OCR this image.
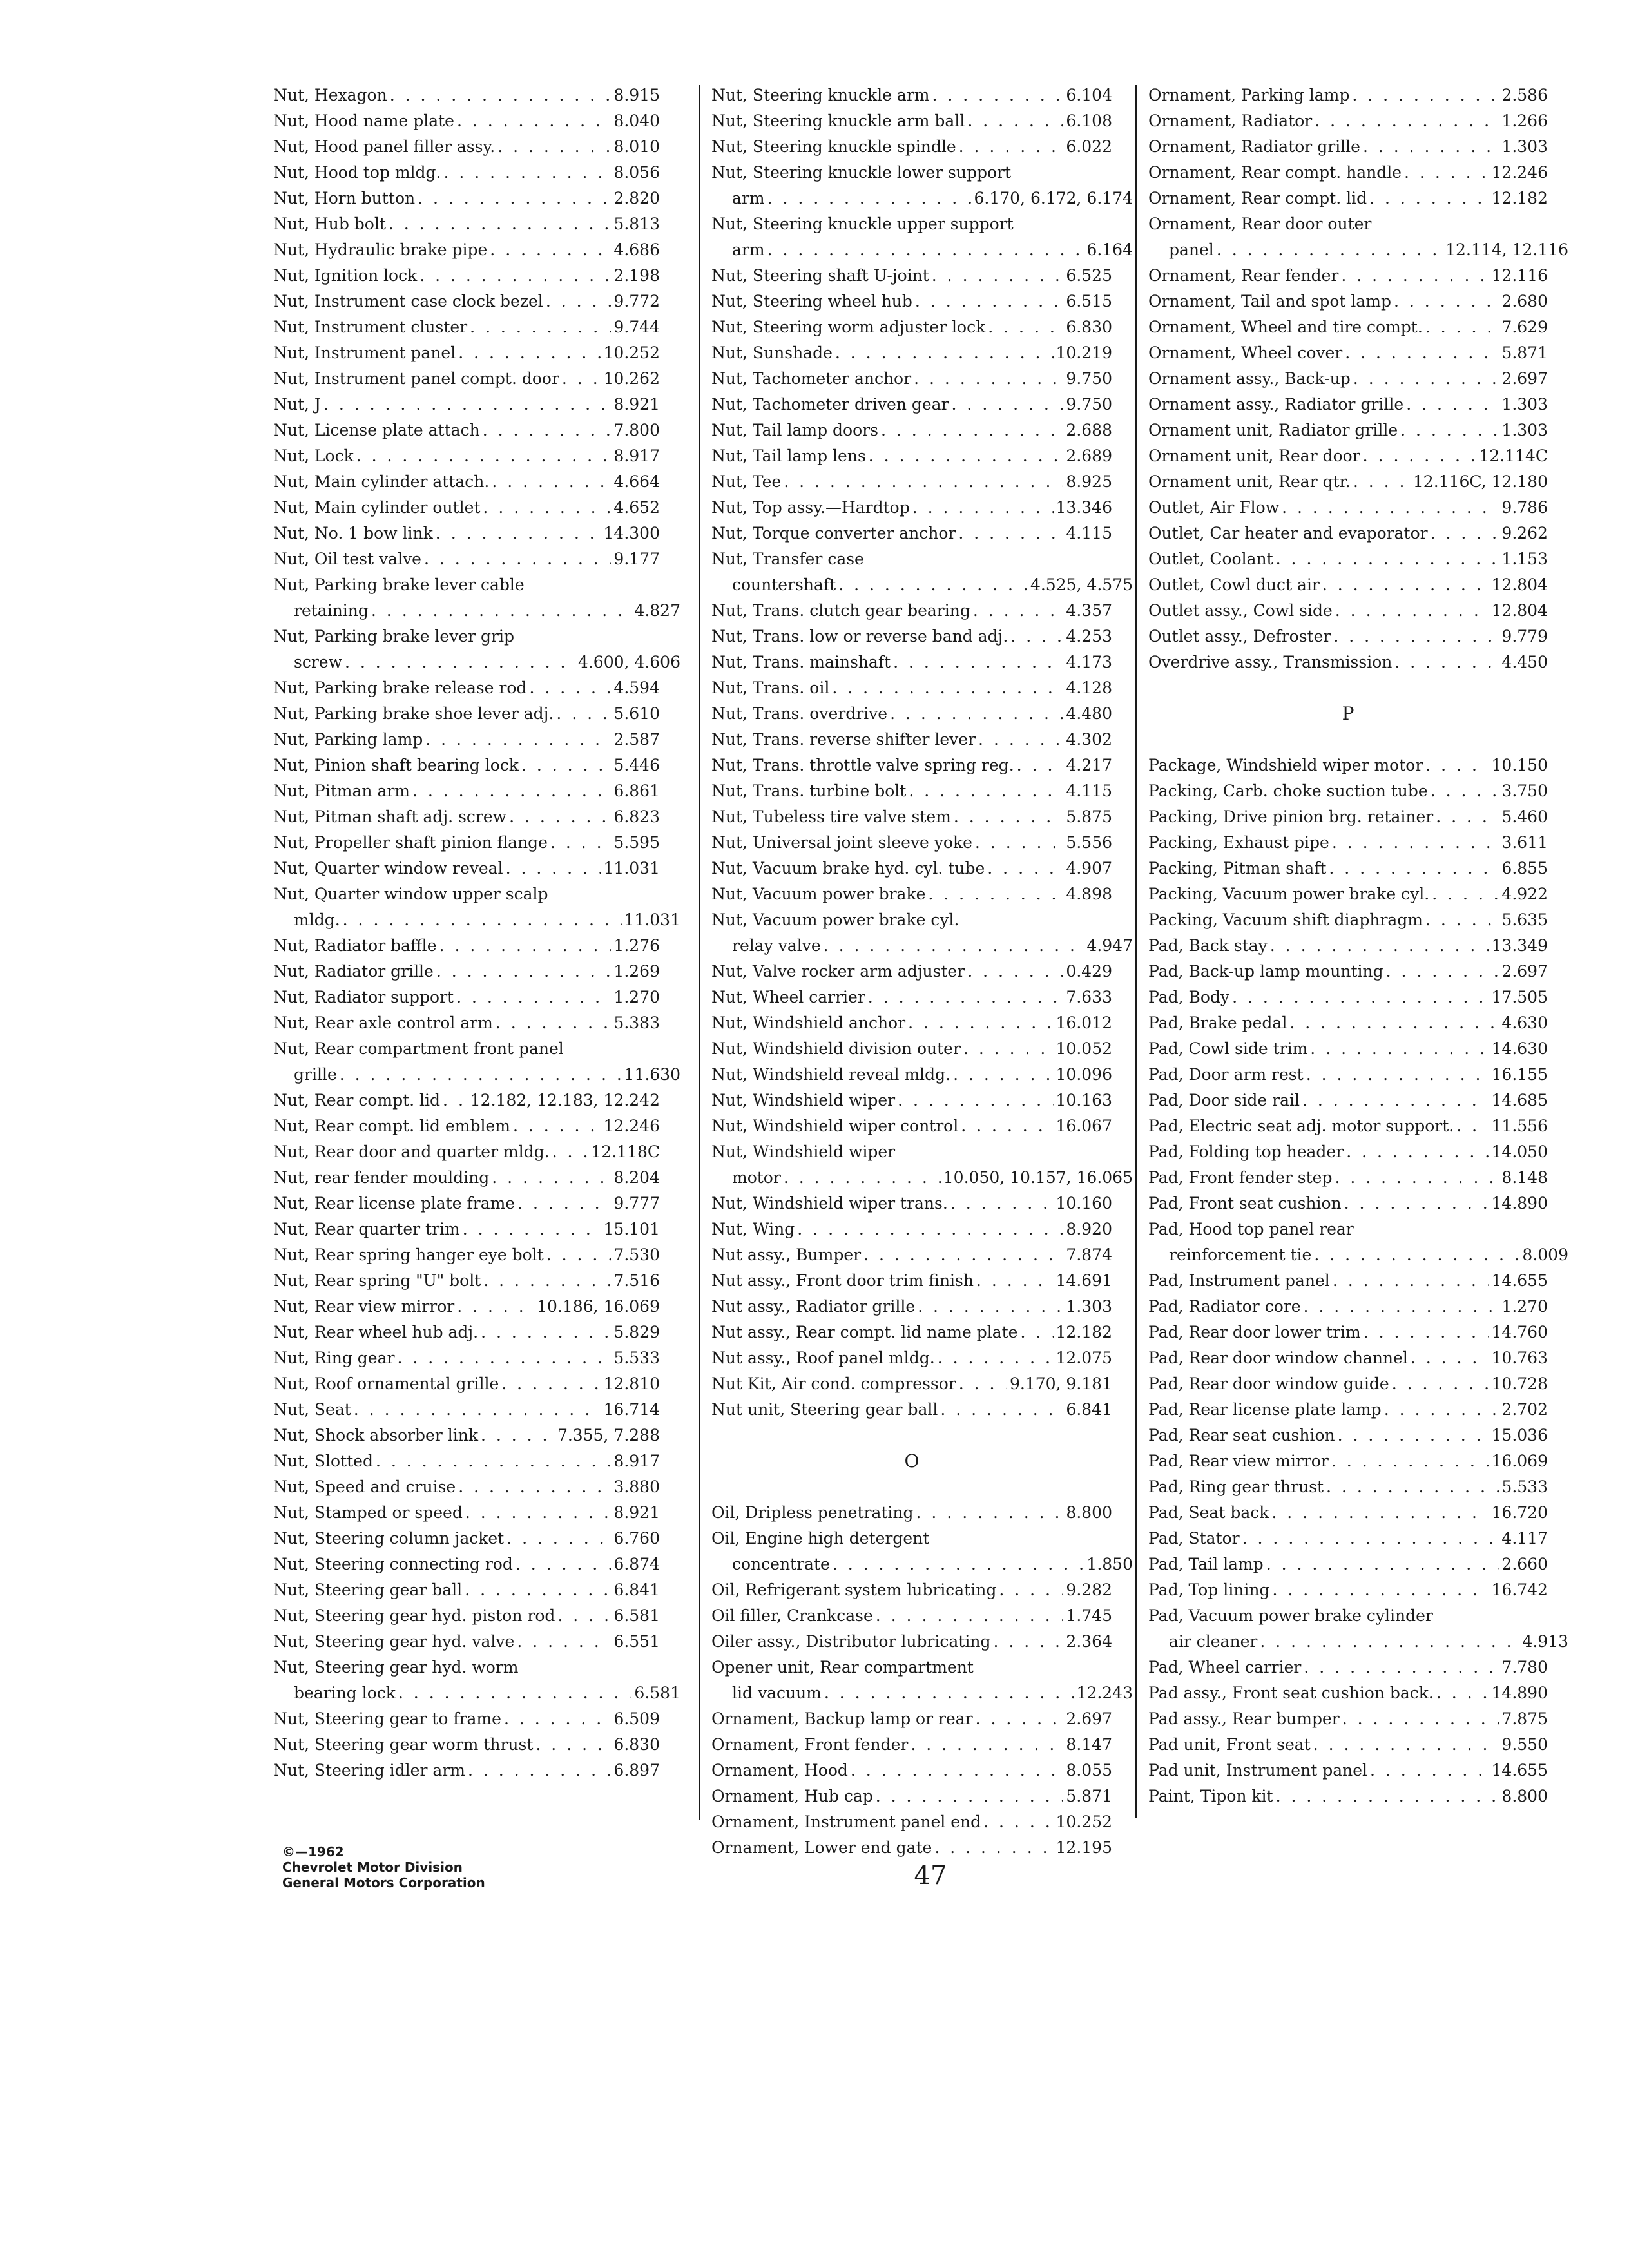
Nut, Hexagon . . .	8.915
Nut, Hood name plate . . .	8.040
Nut, Hood panel filler assy. . . .	8.010
Nut, Hood top mldg. . . .	8.056
Nut, Horn button . . .	2.820
Nut, Hub bolt . . .	5.813
Nut, Hydraulic brake pipe . . .	4.686
Nut, Ignition lock . . .	2.198
Nut, Instrument case clock bezel . . .	9.772
Nut, Instrument cluster . . .	9.744
Nut, Instrument panel . . .	10.252
Nut, Instrument panel compt. door . . .	10.262
Nut, J . . .	8.921
Nut, License plate attach . . .	7.800
Nut, Lock . . .	8.917
Nut, Main cylinder attach. . . .	4.664
Nut, Main cylinder outlet . . .	4.652
Nut, No. 1 bow link . . .	14.300
Nut, Oil test valve . . .	9.177
Nut, Parking brake lever cable
retaining . . .	4.827
Nut, Parking brake lever grip
screw . . .	4.600, 4.606
Nut, Parking brake release rod . . .	4.594
Nut, Parking brake shoe lever adj. . . .	5.610
Nut, Parking lamp . . .	2.587
Nut, Pinion shaft bearing lock . . .	5.446
Nut, Pitman arm . . .	6.861
Nut, Pitman shaft adj. screw . . .	6.823
Nut, Propeller shaft pinion flange . . .	5.595
Nut, Quarter window reveal . . .	11.031
Nut, Quarter window upper scalp
mldg. . . .	11.031
Nut, Radiator baffle . . .	1.276
Nut, Radiator grille . . .	1.269
Nut, Radiator support . . .	1.270
Nut, Rear axle control arm . . .	5.383
Nut, Rear compartment front panel
grille . . .	11.630
Nut, Rear compt. lid . . . 12.182, 12.183, 12.242
Nut, Rear compt. lid emblem . . .	12.246
Nut, Rear door and quarter mldg. . . .	12.118C
Nut, rear fender moulding . . .	8.204
Nut, Rear license plate frame . . .	9.777
Nut, Rear quarter trim . . .	15.101
Nut, Rear spring hanger eye bolt . . .	7.530
Nut, Rear spring "U" bolt . . .	7.516
Nut, Rear view mirror . . .	10.186, 16.069
Nut, Rear wheel hub adj. . . .	5.829
Nut, Ring gear . . .	5.533
Nut, Roof ornamental grille . . .	12.810
Nut, Seat . . .	16.714
Nut, Shock absorber link . . .	7.355, 7.288
Nut, Slotted . . .	8.917
Nut, Speed and cruise . . .	3.880
Nut, Stamped or speed . . .	8.921
Nut, Steering column jacket . . .	6.760
Nut, Steering connecting rod . . .	6.874
Nut, Steering gear ball . . .	6.841
Nut, Steering gear hyd. piston rod . . .	6.581
Nut, Steering gear hyd. valve . . .	6.551
Nut, Steering gear hyd. worm
bearing lock . . .	6.581
Nut, Steering gear to frame . . .	6.509
Nut, Steering gear worm thrust . . .	6.830
Nut, Steering idler arm . . .	6.897
Nut, Steering knuckle arm . . .	6.104
Nut, Steering knuckle arm ball . . .	6.108
Nut, Steering knuckle spindle . . .	6.022
Nut, Steering knuckle lower support
arm . . .	6.170, 6.172, 6.174
Nut, Steering knuckle upper support
arm . . .	6.164
Nut, Steering shaft U-joint . . .	6.525
Nut, Steering wheel hub . . .	6.515
Nut, Steering worm adjuster lock . . .	6.830
Nut, Sunshade . . .	10.219
Nut, Tachometer anchor . . .	9.750
Nut, Tachometer driven gear . . .	9.750
Nut, Tail lamp doors . . .	2.688
Nut, Tail lamp lens . . .	2.689
Nut, Tee . . .	8.925
Nut, Top assy.—Hardtop . . .	13.346
Nut, Torque converter anchor . . .	4.115
Nut, Transfer case
countershaft . . .	4.525, 4.575
Nut, Trans. clutch gear bearing . . .	4.357
Nut, Trans. low or reverse band adj. . . .	4.253
Nut, Trans. mainshaft . . .	4.173
Nut, Trans. oil . . .	4.128
Nut, Trans. overdrive . . .	4.480
Nut, Trans. reverse shifter lever . . .	4.302
Nut, Trans. throttle valve spring reg. . . .	4.217
Nut, Trans. turbine bolt . . .	4.115
Nut, Tubeless tire valve stem . . .	5.875
Nut, Universal joint sleeve yoke . . .	5.556
Nut, Vacuum brake hyd. cyl. tube . . .	4.907
Nut, Vacuum power brake . . .	4.898
Nut, Vacuum power brake cyl.
relay valve . . .	4.947
Nut, Valve rocker arm adjuster . . .	0.429
Nut, Wheel carrier . . .	7.633
Nut, Windshield anchor . . .	16.012
Nut, Windshield division outer . . .	10.052
Nut, Windshield reveal mldg. . . .	10.096
Nut, Windshield wiper . . .	10.163
Nut, Windshield wiper control . . .	16.067
Nut, Windshield wiper
motor . . .	10.050, 10.157, 16.065
Nut, Windshield wiper trans. . . .	10.160
Nut, Wing . . .	8.920
Nut assy., Bumper . . .	7.874
Nut assy., Front door trim finish . . .	14.691
Nut assy., Radiator grille . . .	1.303
Nut assy., Rear compt. lid name plate . . . 12.182
Nut assy., Roof panel mldg. . . .	12.075
Nut Kit, Air cond. compressor . . .	9.170, 9.181
Nut unit, Steering gear ball . . .	6.841
O
Oil, Dripless penetrating . . .	8.800
Oil, Engine high detergent
concentrate . . .	1.850
Oil, Refrigerant system lubricating . . .	9.282
Oil filler, Crankcase . . .	1.745
Oiler assy., Distributor lubricating . . .	2.364
Opener unit, Rear compartment
lid vacuum . . .	12.243
Ornament, Backup lamp or rear . . .	2.697
Ornament, Front fender . . .	8.147
Ornament, Hood . . .	8.055
Ornament, Hub cap . . .	5.871
Ornament, Instrument panel end . . .	10.252
Ornament, Lower end gate . . .	12.195
Ornament, Parking lamp . . .	2.586
Ornament, Radiator . . .	1.266
Ornament, Radiator grille . . .	1.303
Ornament, Rear compt. handle . . .	12.246
Ornament, Rear compt. lid . . .	12.182
Ornament, Rear door outer
panel . . .	12.114, 12.116
Ornament, Rear fender . . .	12.116
Ornament, Tail and spot lamp . . .	2.680
Ornament, Wheel and tire compt. . . .	7.629
Ornament, Wheel cover . . .	5.871
Ornament assy., Back-up . . .	2.697
Ornament assy., Radiator grille . . .	1.303
Ornament unit, Radiator grille . . .	1.303
Ornament unit, Rear door . . .	12.114C
Ornament unit, Rear qtr. . . .	12.116C, 12.180
Outlet, Air Flow . . .	9.786
Outlet, Car heater and evaporator . . .	9.262
Outlet, Coolant . . .	1.153
Outlet, Cowl duct air . . .	12.804
Outlet assy., Cowl side . . .	12.804
Outlet assy., Defroster . . .	9.779
Overdrive assy., Transmission . . .	4.450
P
Package, Windshield wiper motor . . .	10.150
Packing, Carb. choke suction tube . . .	3.750
Packing, Drive pinion brg. retainer . . .	5.460
Packing, Exhaust pipe . . .	3.611
Packing, Pitman shaft . . .	6.855
Packing, Vacuum power brake cyl. . . .	4.922
Packing, Vacuum shift diaphragm . . .	5.635
Pad, Back stay . . .	13.349
Pad, Back-up lamp mounting . . .	2.697
Pad, Body . . .	17.505
Pad, Brake pedal . . .	4.630
Pad, Cowl side trim . . .	14.630
Pad, Door arm rest . . .	16.155
Pad, Door side rail . . .	14.685
Pad, Electric seat adj. motor support. . . . 11.556
Pad, Folding top header . . .	14.050
Pad, Front fender step . . .	8.148
Pad, Front seat cushion . . .	14.890
Pad, Hood top panel rear
reinforcement tie . . .	8.009
Pad, Instrument panel . . .	14.655
Pad, Radiator core . . .	1.270
Pad, Rear door lower trim . . .	14.760
Pad, Rear door window channel . . .	10.763
Pad, Rear door window guide . . .	10.728
Pad, Rear license plate lamp . . .	2.702
Pad, Rear seat cushion . . .	15.036
Pad, Rear view mirror . . .	16.069
Pad, Ring gear thrust . . .	5.533
Pad, Seat back . . .	16.720
Pad, Stator . . .	4.117
Pad, Tail lamp . . .	2.660
Pad, Top lining . . .	16.742
Pad, Vacuum power brake cylinder
air cleaner . . .	4.913
Pad, Wheel carrier . . .	7.780
Pad assy., Front seat cushion back. . . .	14.890
Pad assy., Rear bumper . . .	7.875
Pad unit, Front seat . . .	9.550
Pad unit, Instrument panel . . .	14.655
Paint, Tipon kit . . .	8.800
©—1962
Chevrolet Motor Division
General Motors Corporation	47
